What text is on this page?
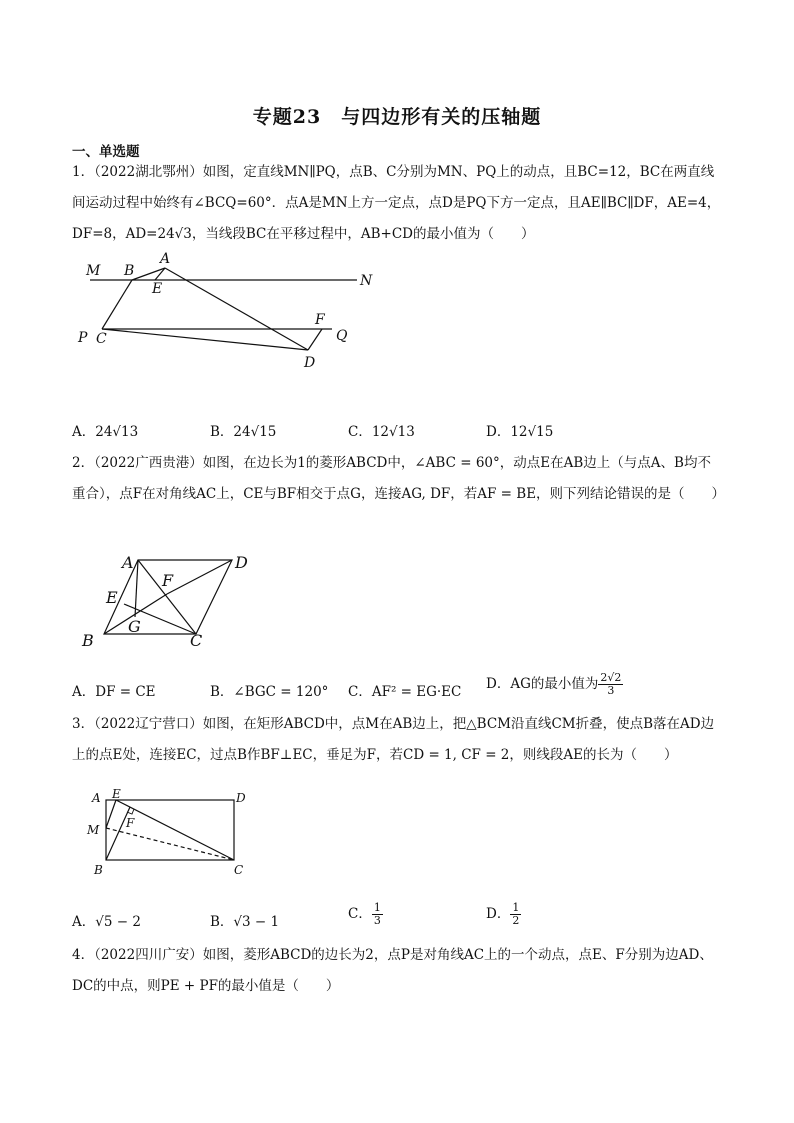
专题23　与四边形有关的压轴题
一、单选题
1．（2022湖北鄂州）如图，定直线MN∥PQ，点B、C分别为MN、PQ上的动点，且BC=12，BC在两直线间运动过程中始终有∠BCQ=60°．点A是MN上方一定点，点D是PQ下方一定点，且AE∥BC∥DF，AE=4，DF=8，AD=24√3，当线段BC在平移过程中，AB+CD的最小值为（　　）
M B
A
E	N
F
Q
P C
D
A．24√13	B．24√15	C．12√13	D．12√15
2．（2022广西贵港）如图，在边长为1的菱形ABCD中，∠ABC = 60°，动点E在AB边上（与点A、B均不重合），点F在对角线AC上，CE与BF相交于点G，连接AG, DF，若AF = BE，则下列结论错误的是（　　）
A	D
F
E
G
B	C
A．DF = CE	B．∠BGC = 120° C．AF² = EG·EC D．AG的最小值为 $\frac{2√2}{3}$
3．（2022辽宁营口）如图，在矩形ABCD中，点M在AB边上，把△BCM沿直线CM折叠，使点B落在AD边上的点E处，连接EC，过点B作BF⊥EC，垂足为F，若CD = 1, CF = 2，则线段AE的长为（　　）
A E	D
M F
B	C
A．√5 − 2	B．√3 − 1	C． $\frac{1}{3}$	D． $\frac{1}{2}$
4．（2022四川广安）如图，菱形ABCD的边长为2，点P是对角线AC上的一个动点，点E、F分别为边AD、DC的中点，则PE + PF的最小值是（　　）
